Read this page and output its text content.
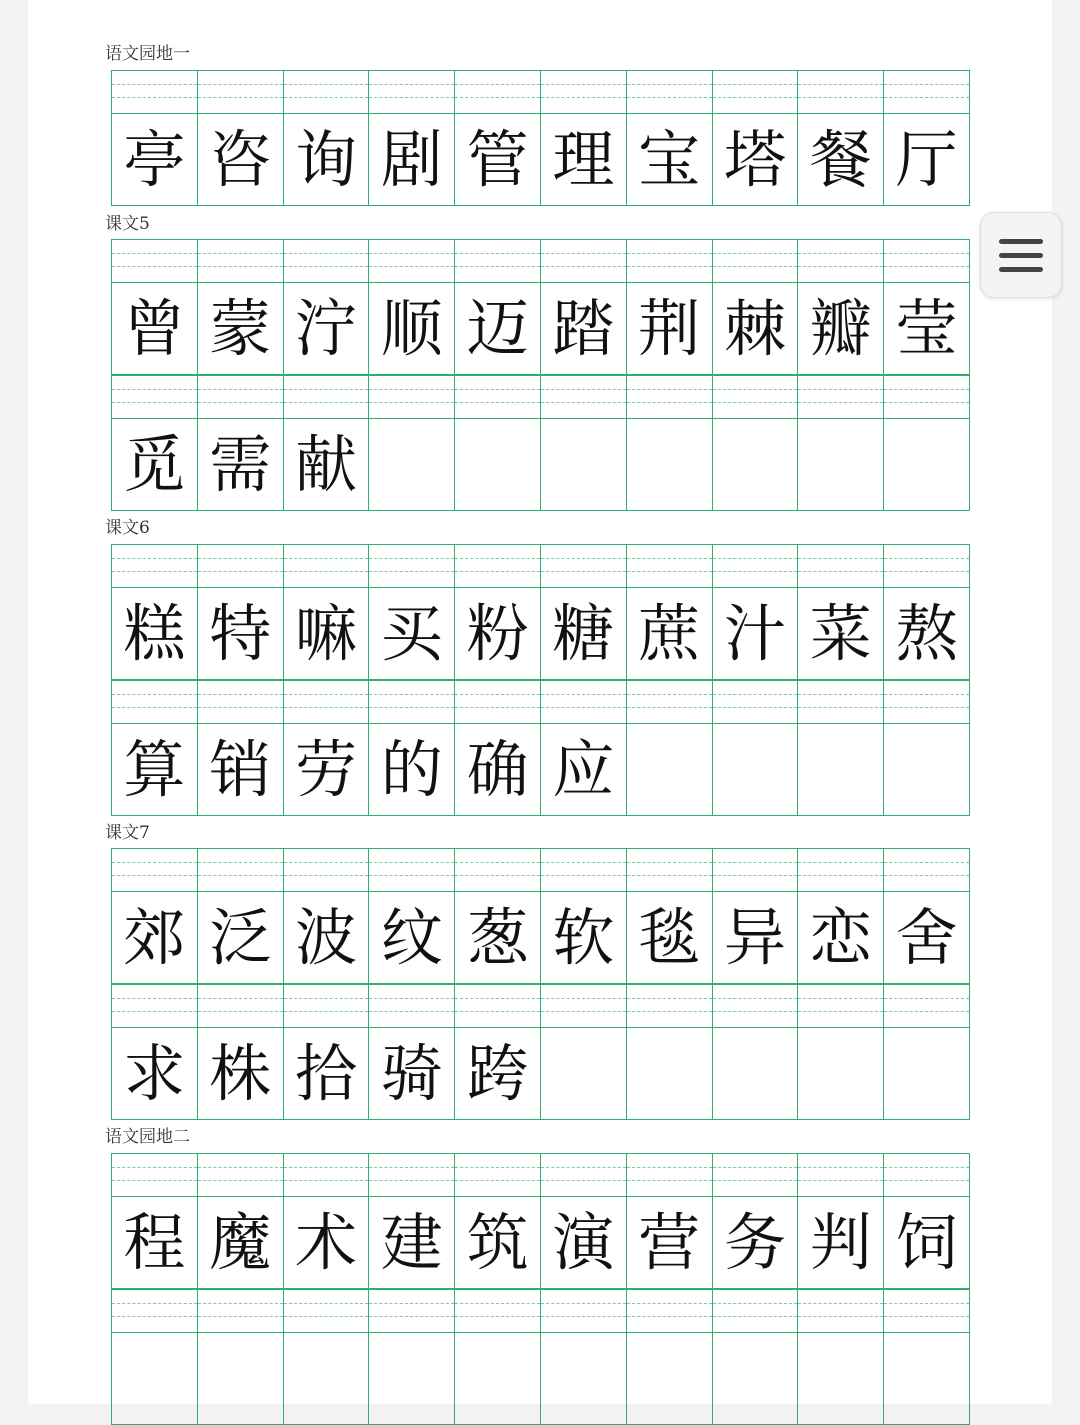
语文园地一
亭 咨 询 剧 管 理 宝 塔 餐 厅
课文5
曾 蒙 泞 顺 迈 踏 荆 棘 瓣 莹
觅 需 献
课文6
糕 特 嘛 买 粉 糖 蔗 汁 菜 熬
算 销 劳 的 确 应
课文7
郊 泛 波 纹 葱 软 毯 异 恋 舍
求 株 拾 骑 跨
语文园地二
程 魔 术 建 筑 演 营 务 判 饲
